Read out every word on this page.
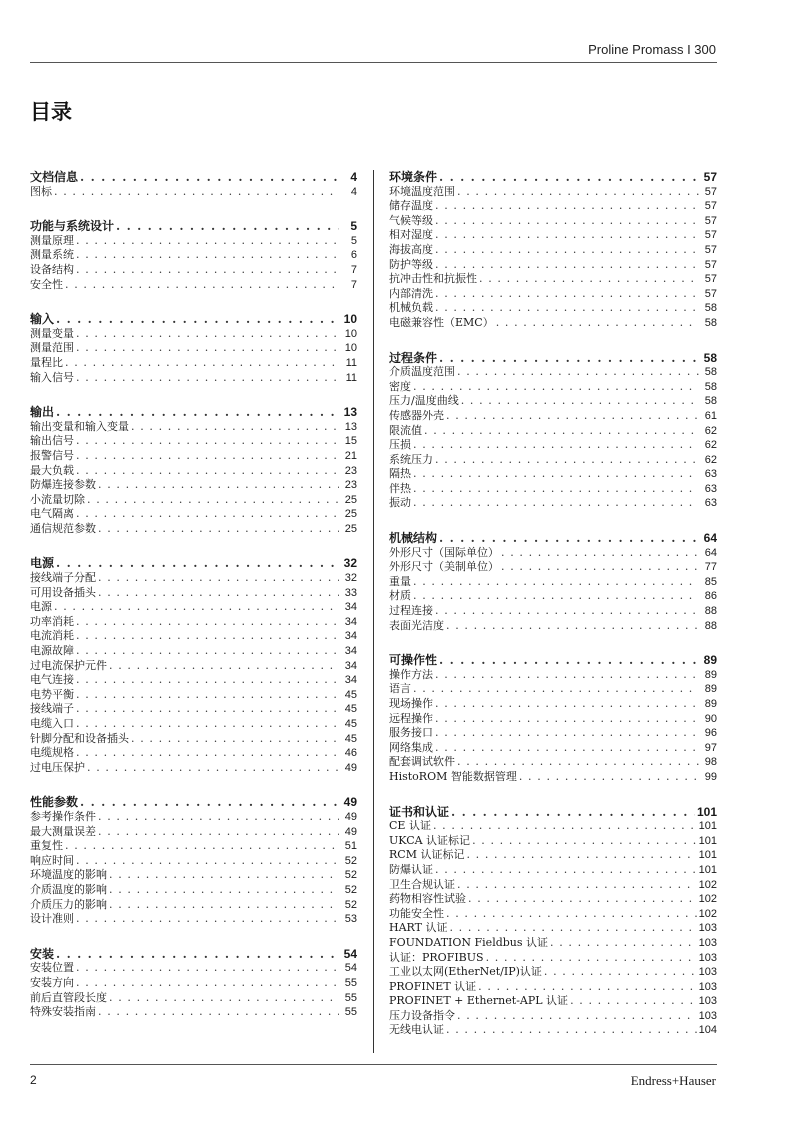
Proline Promass I 300
目录
文档信息 . . .	4
图标 . . .	4
功能与系统设计 . . .	5
测量原理 . . .	5
测量系统 . . .	6
设备结构 . . .	7
安全性 . . .	7
输入 . . .	10
测量变量 . . .	10
测量范围 . . .	10
量程比 . . .	11
输入信号 . . .	11
输出 . . .	13
输出变量和输入变量 . . .	13
输出信号 . . .	15
报警信号 . . .	21
最大负载 . . .	23
防爆连接参数 . . .	23
小流量切除 . . .	25
电气隔离 . . .	25
通信规范参数 . . .	25
电源 . . .	32
接线端子分配 . . .	32
可用设备插头 . . .	33
电源 . . .	34
功率消耗 . . .	34
电流消耗 . . .	34
电源故障 . . .	34
过电流保护元件 . . .	34
电气连接 . . .	34
电势平衡 . . .	45
接线端子 . . .	45
电缆入口 . . .	45
针脚分配和设备插头 . . .	45
电缆规格 . . .	46
过电压保护 . . .	49
性能参数 . . .	49
参考操作条件 . . .	49
最大测量误差 . . .	49
重复性 . . .	51
响应时间 . . .	52
环境温度的影响 . . .	52
介质温度的影响 . . .	52
介质压力的影响 . . .	52
设计准则 . . .	53
安装 . . .	54
安装位置 . . .	54
安装方向 . . .	55
前后直管段长度 . . .	55
特殊安装指南 . . .	55
环境条件 . . .	57
环境温度范围 . . .	57
储存温度 . . .	57
气候等级 . . .	57
相对湿度 . . .	57
海拔高度 . . .	57
防护等级 . . .	57
抗冲击性和抗振性 . . .	57
内部清洗 . . .	57
机械负载 . . .	58
电磁兼容性（EMC） . . .	58
过程条件 . . .	58
介质温度范围 . . .	58
密度 . . .	58
压力/温度曲线 . . .	58
传感器外壳 . . .	61
限流值 . . .	62
压损 . . .	62
系统压力 . . .	62
隔热 . . .	63
伴热 . . .	63
振动 . . .	63
机械结构 . . .	64
外形尺寸（国际单位） . . .	64
外形尺寸（美制单位） . . .	77
重量 . . .	85
材质 . . .	86
过程连接 . . .	88
表面光洁度 . . .	88
可操作性 . . .	89
操作方法 . . .	89
语言 . . .	89
现场操作 . . .	89
远程操作 . . .	90
服务接口 . . .	96
网络集成 . . .	97
配套调试软件 . . .	98
HistoROM 智能数据管理 . . .	99
证书和认证 . . .	101
CE 认证 . . .	101
UKCA 认证标记 . . .	101
RCM 认证标记 . . .	101
防爆认证 . . .	101
卫生合规认证 . . .	102
药物相容性试验 . . .	102
功能安全性 . . .	102
HART 认证 . . .	103
FOUNDATION Fieldbus 认证 . . .	103
认证：PROFIBUS . . .	103
工业以太网(EtherNet/IP)认证 . . .	103
PROFINET 认证 . . .	103
PROFINET + Ethernet-APL 认证 . . .	103
压力设备指令 . . .	103
无线电认证 . . .	104
2	Endress+Hauser
